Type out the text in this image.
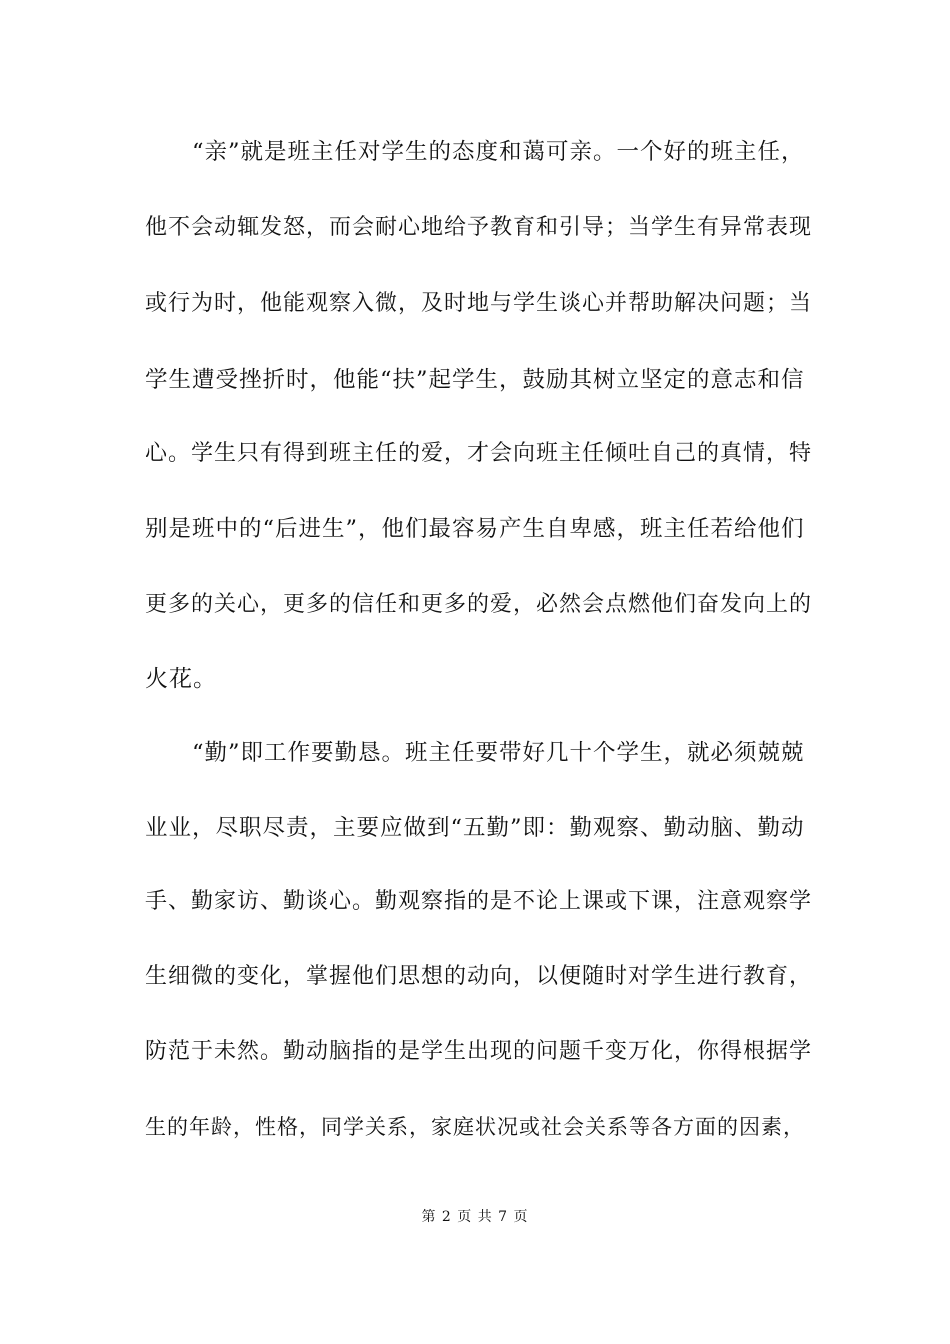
　　“亲”就是班主任对学生的态度和蔼可亲。一个好的班主任，
他不会动辄发怒，而会耐心地给予教育和引导；当学生有异常表现
或行为时，他能观察入微，及时地与学生谈心并帮助解决问题；当
学生遭受挫折时，他能“扶”起学生，鼓励其树立坚定的意志和信
心。学生只有得到班主任的爱，才会向班主任倾吐自己的真情，特
别是班中的“后进生”，他们最容易产生自卑感，班主任若给他们
更多的关心，更多的信任和更多的爱，必然会点燃他们奋发向上的
火花。
　　“勤”即工作要勤恳。班主任要带好几十个学生，就必须兢兢
业业，尽职尽责，主要应做到“五勤”即：勤观察、勤动脑、勤动
手、勤家访、勤谈心。勤观察指的是不论上课或下课，注意观察学
生细微的变化，掌握他们思想的动向，以便随时对学生进行教育，
防范于未然。勤动脑指的是学生出现的问题千变万化，你得根据学
生的年龄，性格，同学关系，家庭状况或社会关系等各方面的因素，
第 2 页 共 7 页
